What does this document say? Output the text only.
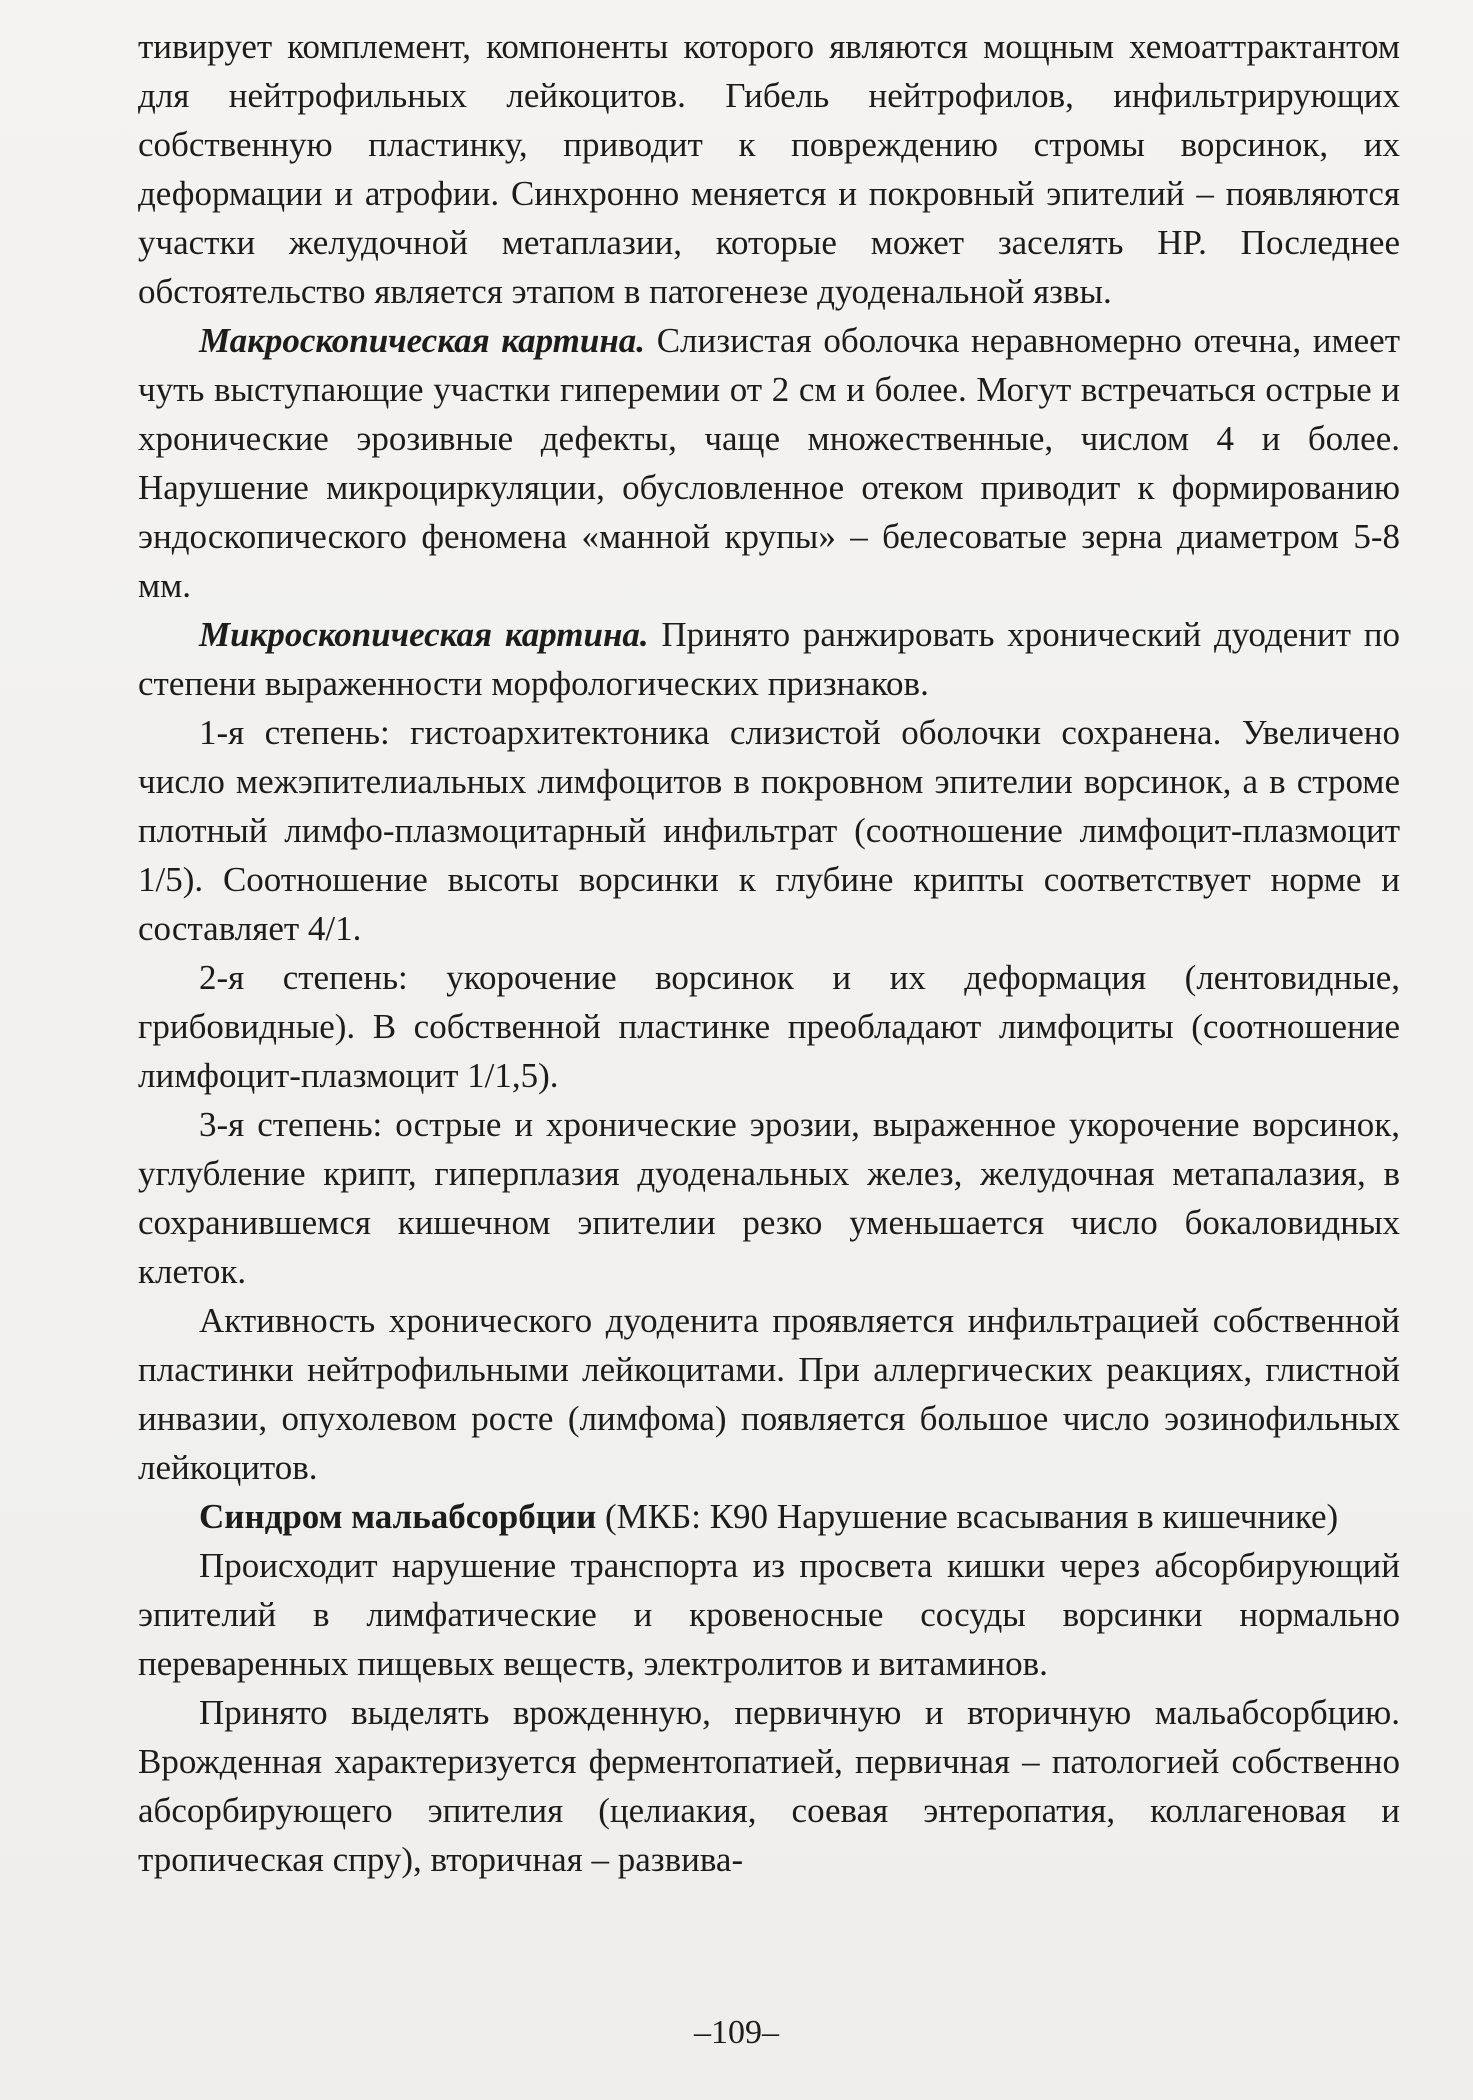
тивирует комплемент, компоненты которого являются мощным хемоаттрактантом для нейтрофильных лейкоцитов. Гибель нейтрофилов, инфильтрирующих собственную пластинку, приводит к повреждению стромы ворсинок, их деформации и атрофии. Синхронно меняется и покровный эпителий – появляются участки желудочной метаплазии, которые может заселять HP. Последнее обстоятельство является этапом в патогенезе дуоденальной язвы.

Макроскопическая картина. Слизистая оболочка неравномерно отечна, имеет чуть выступающие участки гиперемии от 2 см и более. Могут встречаться острые и хронические эрозивные дефекты, чаще множественные, числом 4 и более. Нарушение микроциркуляции, обусловленное отеком приводит к формированию эндоскопического феномена «манной крупы» – белесоватые зерна диаметром 5-8 мм.

Микроскопическая картина. Принято ранжировать хронический дуоденит по степени выраженности морфологических признаков.

1-я степень: гистоархитектоника слизистой оболочки сохранена. Увеличено число межэпителиальных лимфоцитов в покровном эпителии ворсинок, а в строме плотный лимфо-плазмоцитарный инфильтрат (соотношение лимфоцит-плазмоцит 1/5). Соотношение высоты ворсинки к глубине крипты соответствует норме и составляет 4/1.

2-я степень: укорочение ворсинок и их деформация (лентовидные, грибовидные). В собственной пластинке преобладают лимфоциты (соотношение лимфоцит-плазмоцит 1/1,5).

3-я степень: острые и хронические эрозии, выраженное укорочение ворсинок, углубление крипт, гиперплазия дуоденальных желез, желудочная метапалазия, в сохранившемся кишечном эпителии резко уменьшается число бокаловидных клеток.

Активность хронического дуоденита проявляется инфильтрацией собственной пластинки нейтрофильными лейкоцитами. При аллергических реакциях, глистной инвазии, опухолевом росте (лимфома) появляется большое число эозинофильных лейкоцитов.

Синдром мальабсорбции (МКБ: К90 Нарушение всасывания в кишечнике)

Происходит нарушение транспорта из просвета кишки через абсорбирующий эпителий в лимфатические и кровеносные сосуды ворсинки нормально переваренных пищевых веществ, электролитов и витаминов.

Принято выделять врожденную, первичную и вторичную мальабсорбцию. Врожденная характеризуется ферментопатией, первичная – патологией собственно абсорбирующего эпителия (целиакия, соевая энтеропатия, коллагеновая и тропическая спру), вторичная – развива-

–109–
